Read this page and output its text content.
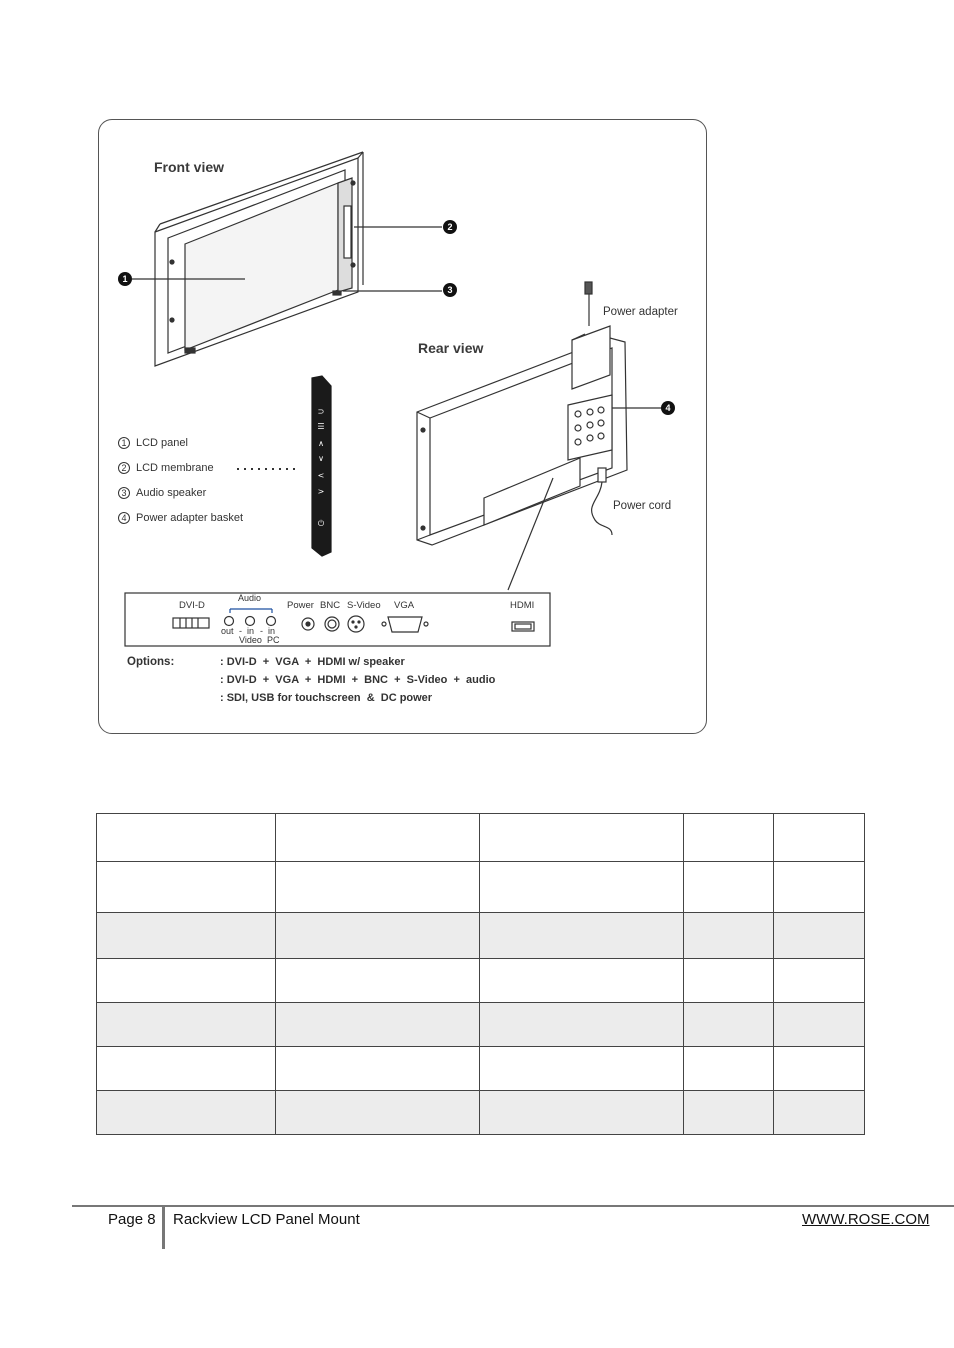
⊃
☰
∧
∨
<
>
⏻
Front view
Rear view
1
2
3
4
Power adapter
Power cord
1 LCD panel
2 LCD membrane
3 Audio speaker
4 Power adapter basket
DVI-D
Audio
out - in - in
Video PC
Power BNC S-Video VGA	HDMI
Options:	: DVI-D  +  VGA  +  HDMI w/ speaker
: DVI-D  +  VGA  +  HDMI  +  BNC  +  S-Video  +  audio
: SDI, USB for touchscreen  &  DC power

Page 8 Rackview LCD Panel Mount	WWW.ROSE.COM
